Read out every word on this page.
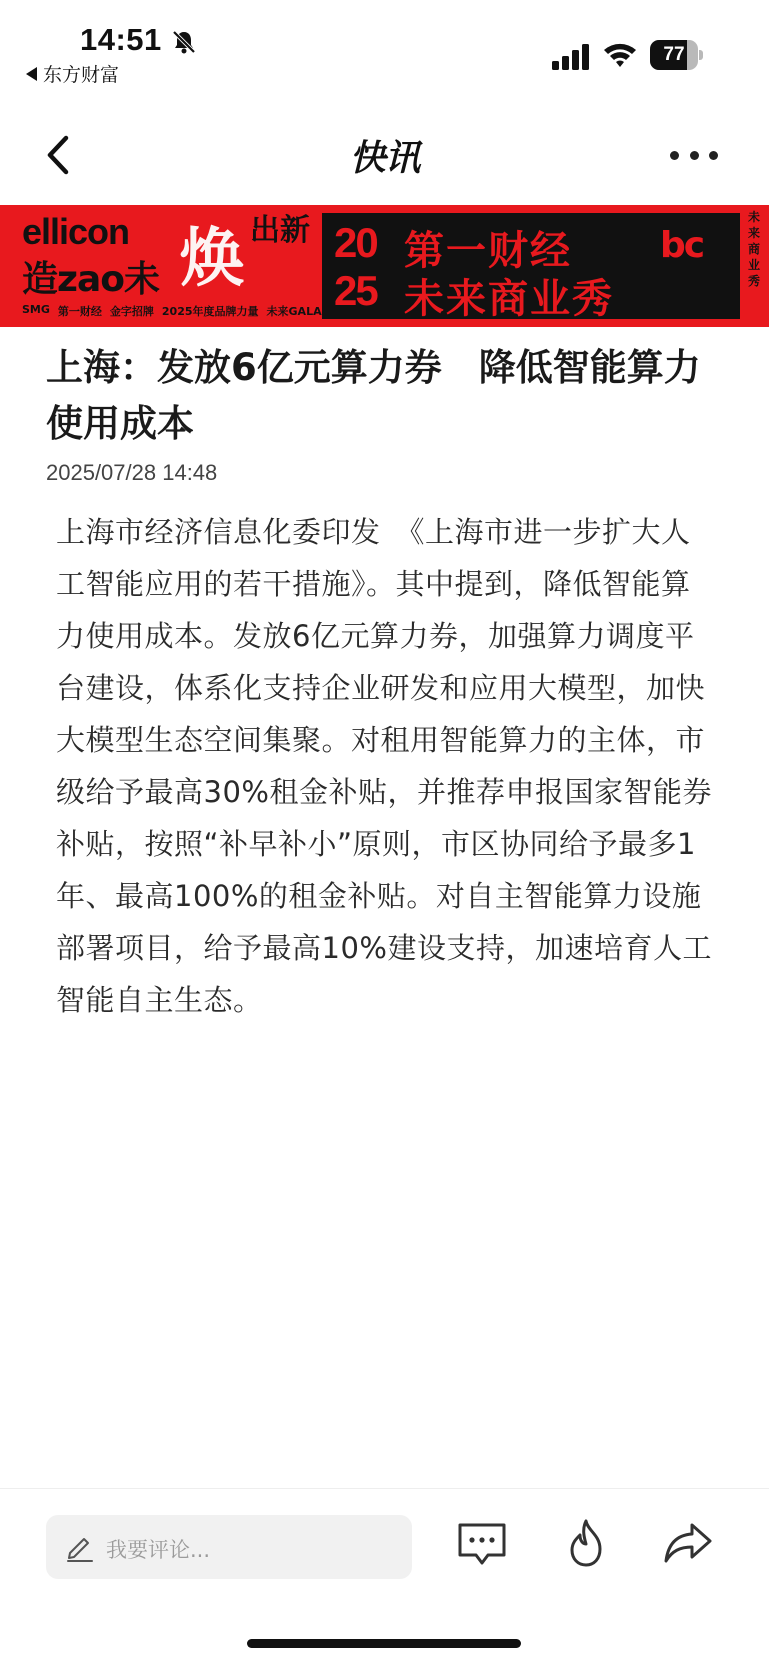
14:51
东方财富
77
快讯
ellicon
造zao未 焕 出新
SMG 第一财经 金字招牌 2025年度品牌力量 未来GALA
20
25
第一财经
未来商业秀
bc
未来商业秀
上海：发放6亿元算力券　降低智能算力使用成本
2025/07/28 14:48
上海市经济信息化委印发　《上海市进一步扩大人工智能应用的若干措施》。其中提到，降低智能算力使用成本。发放6亿元算力券，加强算力调度平台建设，体系化支持企业研发和应用大模型，加快大模型生态空间集聚。对租用智能算力的主体，市级给予最高30%租金补贴，并推荐申报国家智能券补贴，按照“补早补小”原则，市区协同给予最多1年、最高100%的租金补贴。对自主智能算力设施部署项目，给予最高10%建设支持，加速培育人工智能自主生态。
我要评论...
